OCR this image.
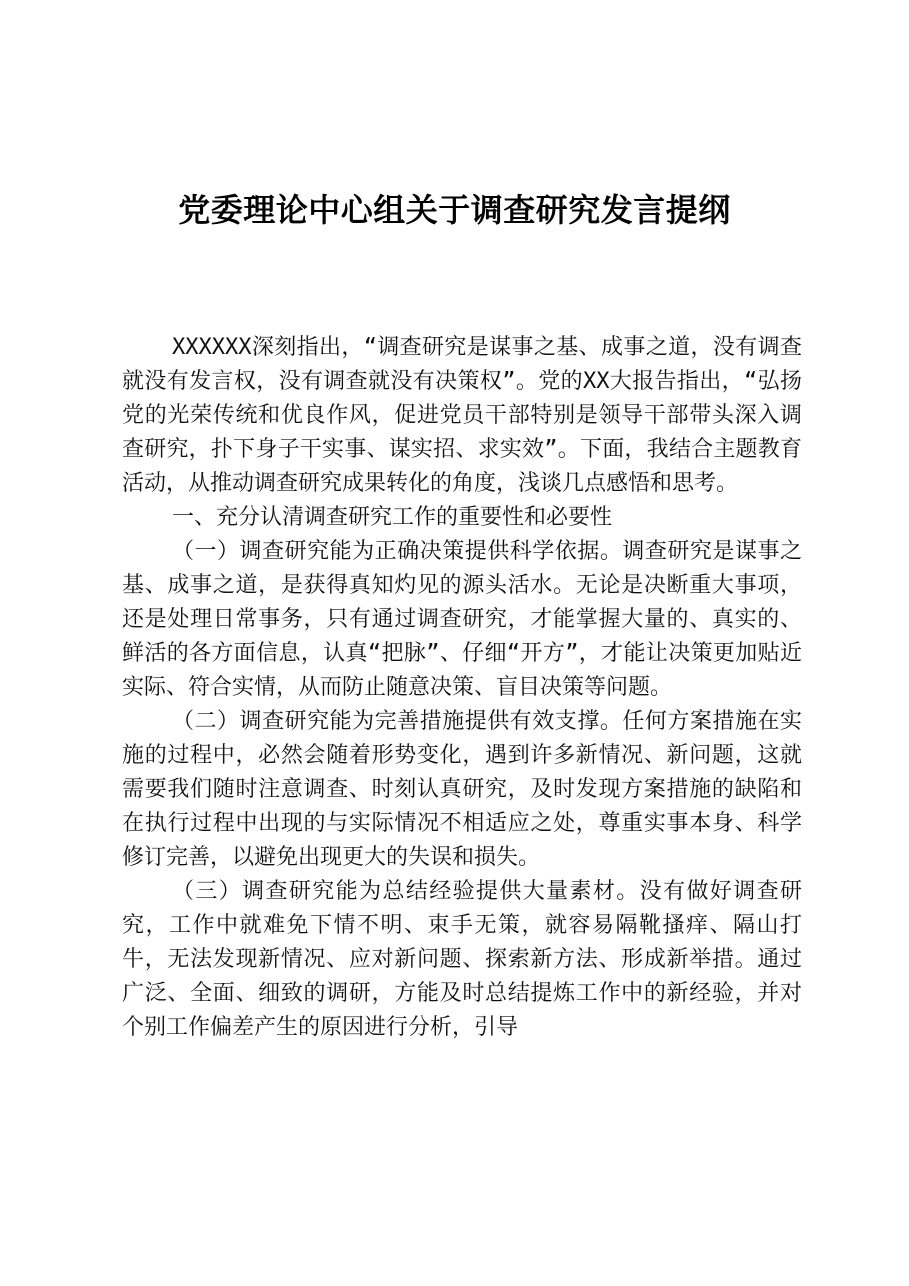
党委理论中心组关于调查研究发言提纲

XXXXXX深刻指出，“调查研究是谋事之基、成事之道，没有调查就没有发言权，没有调查就没有决策权”。党的XX大报告指出，“弘扬党的光荣传统和优良作风，促进党员干部特别是领导干部带头深入调查研究，扑下身子干实事、谋实招、求实效”。下面，我结合主题教育活动，从推动调查研究成果转化的角度，浅谈几点感悟和思考。

一、充分认清调查研究工作的重要性和必要性

（一）调查研究能为正确决策提供科学依据。调查研究是谋事之基、成事之道，是获得真知灼见的源头活水。无论是决断重大事项，还是处理日常事务，只有通过调查研究，才能掌握大量的、真实的、鲜活的各方面信息，认真“把脉”、仔细“开方”，才能让决策更加贴近实际、符合实情，从而防止随意决策、盲目决策等问题。

（二）调查研究能为完善措施提供有效支撑。任何方案措施在实施的过程中，必然会随着形势变化，遇到许多新情况、新问题，这就需要我们随时注意调查、时刻认真研究，及时发现方案措施的缺陷和在执行过程中出现的与实际情况不相适应之处，尊重实事本身、科学修订完善，以避免出现更大的失误和损失。

（三）调查研究能为总结经验提供大量素材。没有做好调查研究，工作中就难免下情不明、束手无策，就容易隔靴搔痒、隔山打牛，无法发现新情况、应对新问题、探索新方法、形成新举措。通过广泛、全面、细致的调研，方能及时总结提炼工作中的新经验，并对个别工作偏差产生的原因进行分析，引导
